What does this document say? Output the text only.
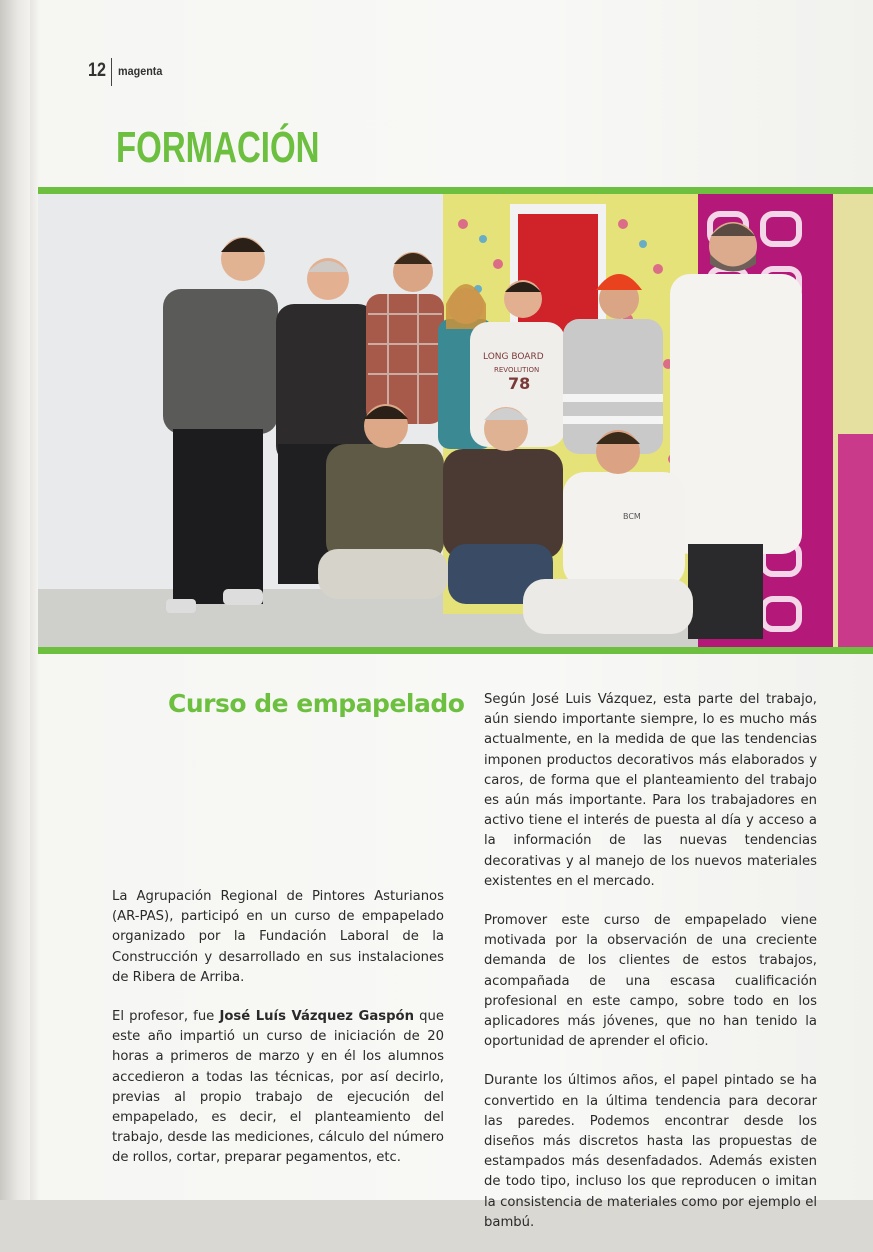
12 magenta
FORMACIÓN
LONG BOARD
REVOLUTION
78
BCM
Curso de empapelado

La Agrupación Regional de Pintores Asturianos (AR-PAS), participó en un curso de empapelado organizado por la Fundación Laboral de la Construcción y desarrollado en sus instalaciones de Ribera de Arriba.

El profesor, fue José Luís Vázquez Gaspón que este año impartió un curso de iniciación de 20 horas a primeros de marzo y en él los alumnos accedieron a todas las técnicas, por así decirlo, previas al propio trabajo de ejecución del empapelado, es decir, el planteamiento del trabajo, desde las mediciones, cálculo del número de rollos, cortar, preparar pegamentos, etc.

Según José Luis Vázquez, esta parte del trabajo, aún siendo importante siempre, lo es mucho más actualmente, en la medida de que las tendencias imponen productos decorativos más elaborados y caros, de forma que el planteamiento del trabajo es aún más importante. Para los trabajadores en activo tiene el interés de puesta al día y acceso a la información de las nuevas tendencias decorativas y al manejo de los nuevos materiales existentes en el mercado.

Promover este curso de empapelado viene motivada por la observación de una creciente demanda de los clientes de estos trabajos, acompañada de una escasa cualificación profesional en este campo, sobre todo en los aplicadores más jóvenes, que no han tenido la oportunidad de aprender el oficio.

Durante los últimos años, el papel pintado se ha convertido en la última tendencia para decorar las paredes. Podemos encontrar desde los diseños más discretos hasta las propuestas de estampados más desenfadados. Además existen de todo tipo, incluso los que reproducen o imitan la consistencia de materiales como por ejemplo el bambú.
